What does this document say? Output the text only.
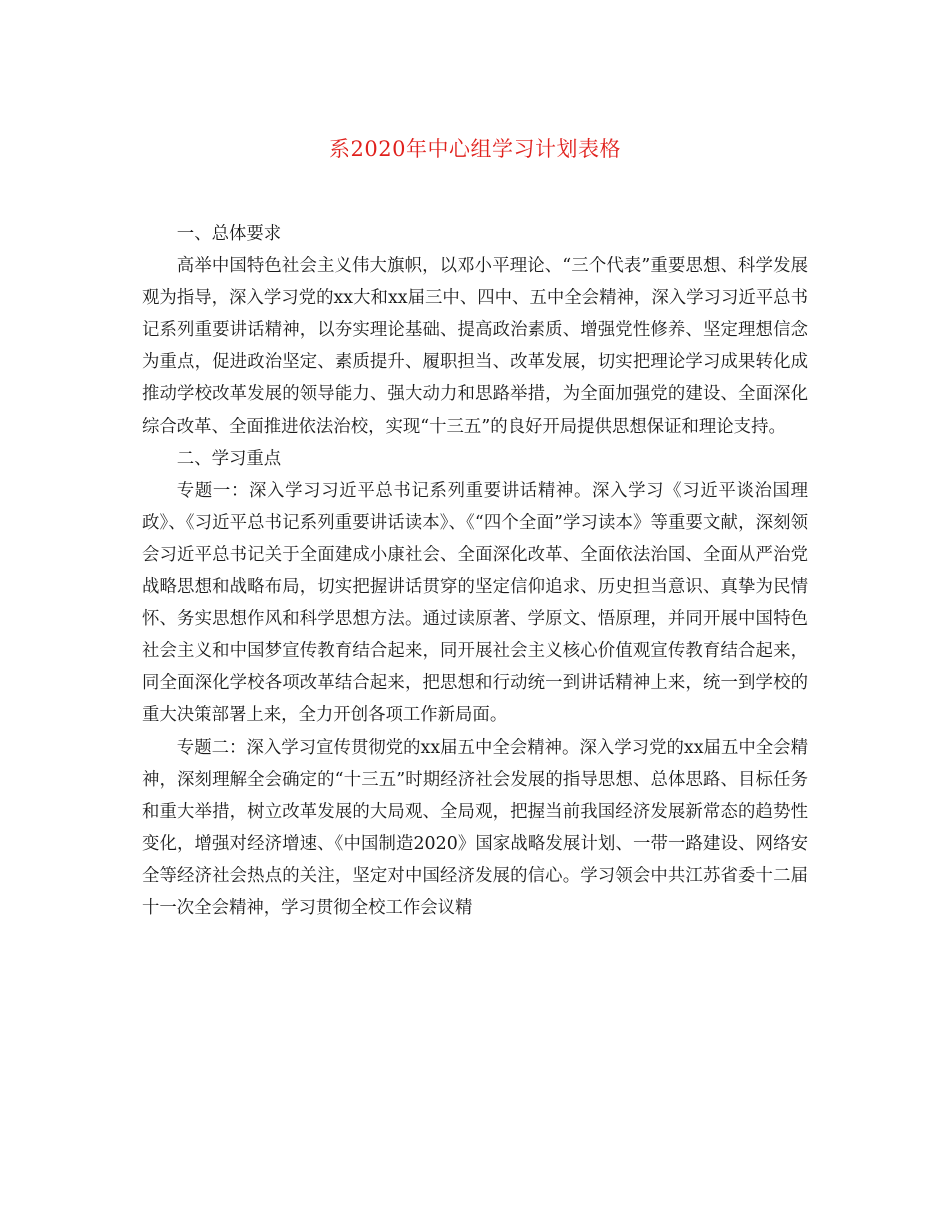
系2020年中心组学习计划表格

一、总体要求

高举中国特色社会主义伟大旗帜，以邓小平理论、“三个代表”重要思想、科学发展观为指导，深入学习党的xx大和xx届三中、四中、五中全会精神，深入学习习近平总书记系列重要讲话精神，以夯实理论基础、提高政治素质、增强党性修养、坚定理想信念为重点，促进政治坚定、素质提升、履职担当、改革发展，切实把理论学习成果转化成推动学校改革发展的领导能力、强大动力和思路举措，为全面加强党的建设、全面深化综合改革、全面推进依法治校，实现“十三五”的良好开局提供思想保证和理论支持。

二、学习重点

专题一：深入学习习近平总书记系列重要讲话精神。深入学习《习近平谈治国理政》、《习近平总书记系列重要讲话读本》、《“四个全面”学习读本》等重要文献，深刻领会习近平总书记关于全面建成小康社会、全面深化改革、全面依法治国、全面从严治党战略思想和战略布局，切实把握讲话贯穿的坚定信仰追求、历史担当意识、真挚为民情怀、务实思想作风和科学思想方法。通过读原著、学原文、悟原理，并同开展中国特色社会主义和中国梦宣传教育结合起来，同开展社会主义核心价值观宣传教育结合起来，同全面深化学校各项改革结合起来，把思想和行动统一到讲话精神上来，统一到学校的重大决策部署上来，全力开创各项工作新局面。

专题二：深入学习宣传贯彻党的xx届五中全会精神。深入学习党的xx届五中全会精神，深刻理解全会确定的“十三五”时期经济社会发展的指导思想、总体思路、目标任务和重大举措，树立改革发展的大局观、全局观，把握当前我国经济发展新常态的趋势性变化，增强对经济增速、《中国制造2020》国家战略发展计划、一带一路建设、网络安全等经济社会热点的关注，坚定对中国经济发展的信心。学习领会中共江苏省委十二届十一次全会精神，学习贯彻全校工作会议精
